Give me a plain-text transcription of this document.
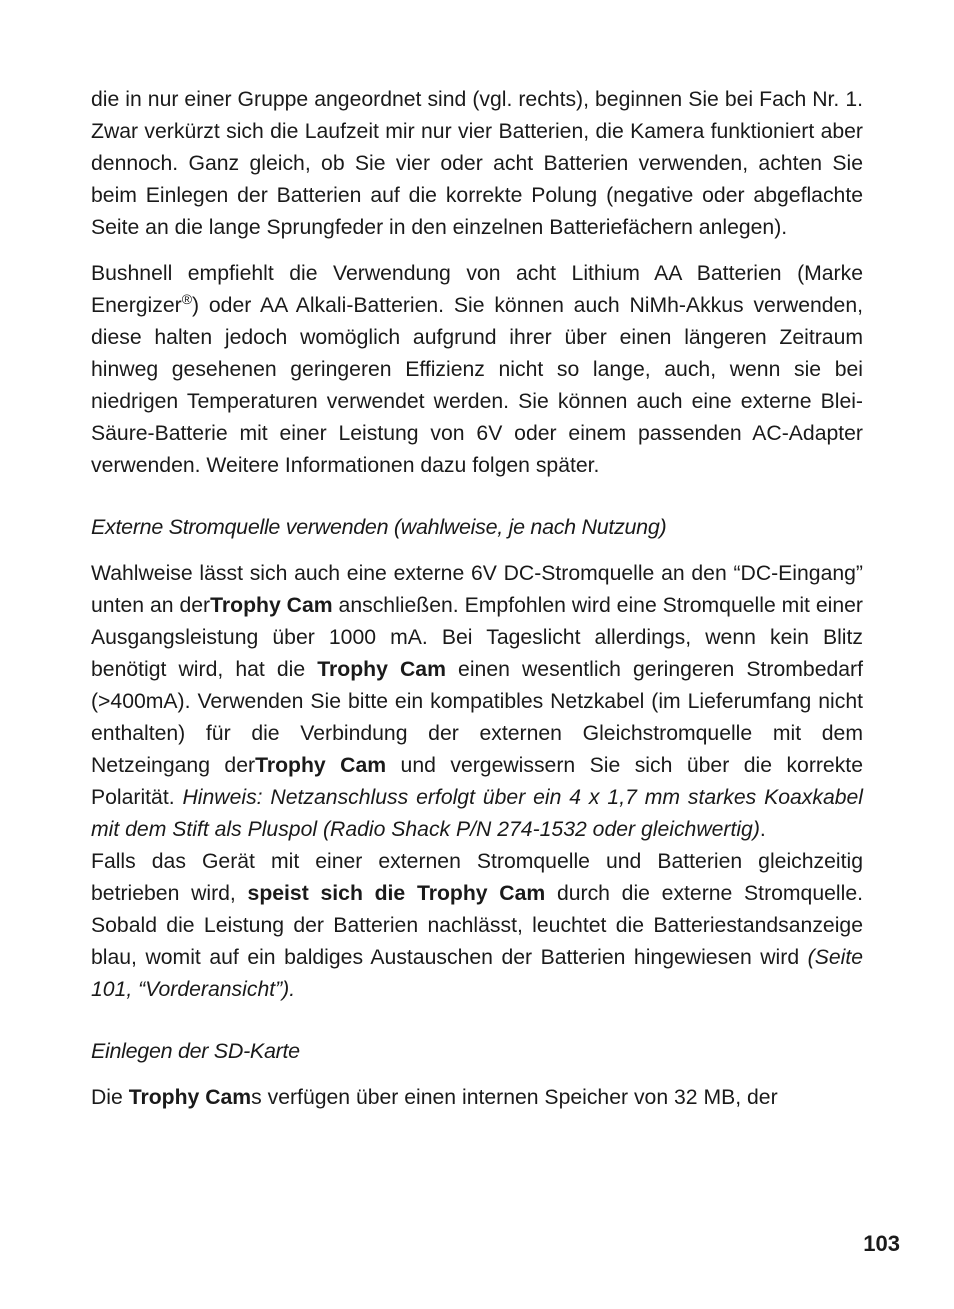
die in nur einer Gruppe angeordnet sind (vgl. rechts), beginnen Sie bei Fach Nr. 1. Zwar verkürzt sich die Laufzeit mir nur vier Batterien, die Kamera funktioniert aber dennoch. Ganz gleich, ob Sie vier oder acht Batterien verwenden, achten Sie beim Einlegen der Batterien auf die korrekte Polung (negative oder abgeflachte Seite an die lange Sprungfeder in den einzelnen Batteriefächern anlegen).

Bushnell empfiehlt die Verwendung von acht Lithium AA Batterien (Marke Energizer®) oder AA Alkali-Batterien. Sie können auch NiMh-Akkus verwenden, diese halten jedoch womöglich aufgrund ihrer über einen längeren Zeitraum hinweg gesehenen geringeren Effizienz nicht so lange, auch, wenn sie bei niedrigen Temperaturen verwendet werden. Sie können auch eine externe Blei-Säure-Batterie mit einer Leistung von 6V oder einem passenden AC-Adapter verwenden. Weitere Informationen dazu folgen später.

Externe Stromquelle verwenden (wahlweise, je nach Nutzung)

Wahlweise lässt sich auch eine externe 6V DC-Stromquelle an den “DC-Eingang” unten an derTrophy Cam anschließen. Empfohlen wird eine Stromquelle mit einer Ausgangsleistung über 1000 mA. Bei Tageslicht allerdings, wenn kein Blitz benötigt wird, hat die Trophy Cam einen wesentlich geringeren Strombedarf (>400mA). Verwenden Sie bitte ein kompatibles Netzkabel (im Lieferumfang nicht enthalten) für die Verbindung der externen Gleichstromquelle mit dem Netzeingang derTrophy Cam und vergewissern Sie sich über die korrekte Polarität. Hinweis: Netzanschluss erfolgt über ein 4 x 1,7 mm starkes Koaxkabel mit dem Stift als Pluspol (Radio Shack P/N 274-1532 oder gleichwertig).

Falls das Gerät mit einer externen Stromquelle und Batterien gleichzeitig betrieben wird, speist sich die Trophy Cam durch die externe Stromquelle. Sobald die Leistung der Batterien nachlässt, leuchtet die Batteriestandsanzeige blau, womit auf ein baldiges Austauschen der Batterien hingewiesen wird (Seite 101, “Vorderansicht”).

Einlegen der SD-Karte

Die Trophy Cams verfügen über einen internen Speicher von 32 MB, der

103
